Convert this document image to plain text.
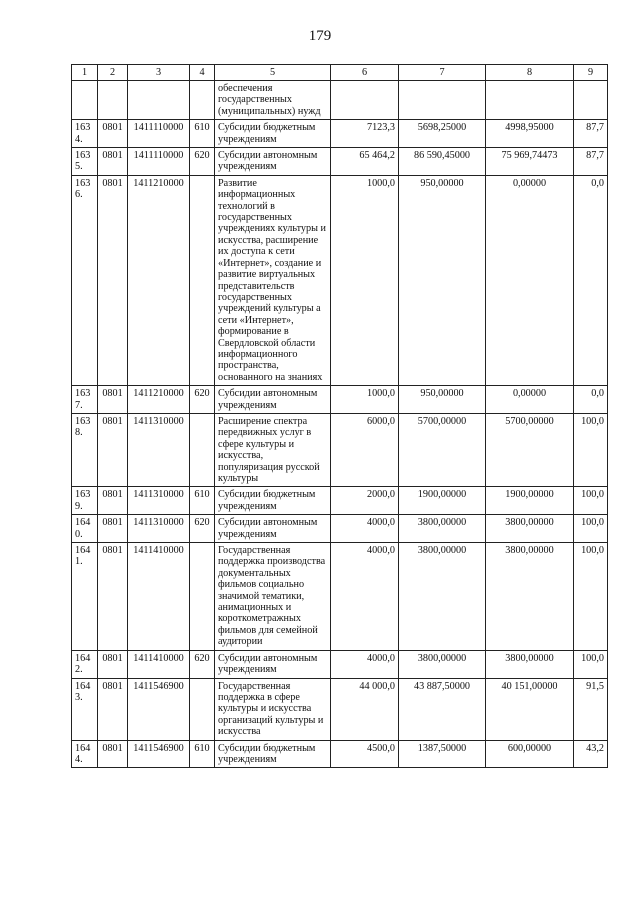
179
1	2	3	4	5	6	7	8	9
				обеспечения государственных (муниципальных) нужд				
1634.	0801	1411110000	610	Субсидии бюджетным учреждениям	7123,3	5698,25000	4998,95000	87,7
1635.	0801	1411110000	620	Субсидии автономным учреждениям	65 464,2	86 590,45000	75 969,74473	87,7
1636.	0801	1411210000		Развитие информационных технологий в государственных учреждениях культуры и искусства, расширение их доступа к сети «Интернет», создание и развитие виртуальных представительств государственных учреждений культуры а сети «Интернет», формирование в Свердловской области информационного пространства, основанного на знаниях	1000,0	950,00000	0,00000	0,0
1637.	0801	1411210000	620	Субсидии автономным учреждениям	1000,0	950,00000	0,00000	0,0
1638.	0801	1411310000		Расширение спектра передвижных услуг в сфере культуры и искусства, популяризация русской культуры	6000,0	5700,00000	5700,00000	100,0
1639.	0801	1411310000	610	Субсидии бюджетным учреждениям	2000,0	1900,00000	1900,00000	100,0
1640.	0801	1411310000	620	Субсидии автономным учреждениям	4000,0	3800,00000	3800,00000	100,0
1641.	0801	1411410000		Государственная поддержка производства документальных фильмов социально значимой тематики, анимационных и короткометражных фильмов для семейной аудитории	4000,0	3800,00000	3800,00000	100,0
1642.	0801	1411410000	620	Субсидии автономным учреждениям	4000,0	3800,00000	3800,00000	100,0
1643.	0801	1411546900		Государственная поддержка в сфере культуры и искусства организаций культуры и искусства	44 000,0	43 887,50000	40 151,00000	91,5
1644.	0801	1411546900	610	Субсидии бюджетным учреждениям	4500,0	1387,50000	600,00000	43,2
